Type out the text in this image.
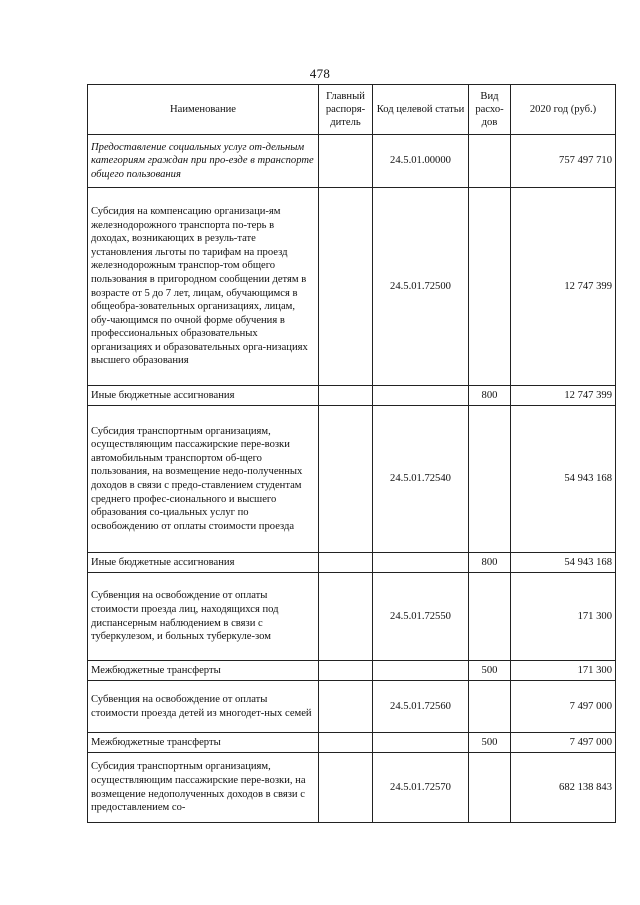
478
Наименование	Главный распоря-дитель	Код целевой статьи	Вид расхо-дов	2020 год (руб.)
Предоставление социальных услуг от-дельным категориям граждан при про-езде в транспорте общего пользования		24.5.01.00000		757 497 710
Субсидия на компенсацию организаци-ям железнодорожного транспорта по-терь в доходах, возникающих в резуль-тате установления льготы по тарифам на проезд железнодорожным транспор-том общего пользования в пригородном сообщении детям в возрасте от 5 до 7 лет, лицам, обучающимся в общеобра-зовательных организациях, лицам, обу-чающимся по очной форме обучения в профессиональных образовательных организациях и образовательных орга-низациях высшего образования		24.5.01.72500		12 747 399
Иные бюджетные ассигнования			800	12 747 399
Субсидия транспортным организациям, осуществляющим пассажирские пере-возки автомобильным транспортом об-щего пользования, на возмещение недо-полученных доходов в связи с предо-ставлением студентам среднего профес-сионального и высшего образования со-циальных услуг по освобождению от оплаты стоимости проезда		24.5.01.72540		54 943 168
Иные бюджетные ассигнования			800	54 943 168
Субвенция на освобождение от оплаты стоимости проезда лиц, находящихся под диспансерным наблюдением в связи с туберкулезом, и больных туберкуле-зом		24.5.01.72550		171 300
Межбюджетные трансферты			500	171 300
Субвенция на освобождение от оплаты стоимости проезда детей из многодет-ных семей		24.5.01.72560		7 497 000
Межбюджетные трансферты			500	7 497 000
Субсидия транспортным организациям, осуществляющим пассажирские пере-возки, на возмещение недополученных доходов в связи с предоставлением со-		24.5.01.72570		682 138 843
